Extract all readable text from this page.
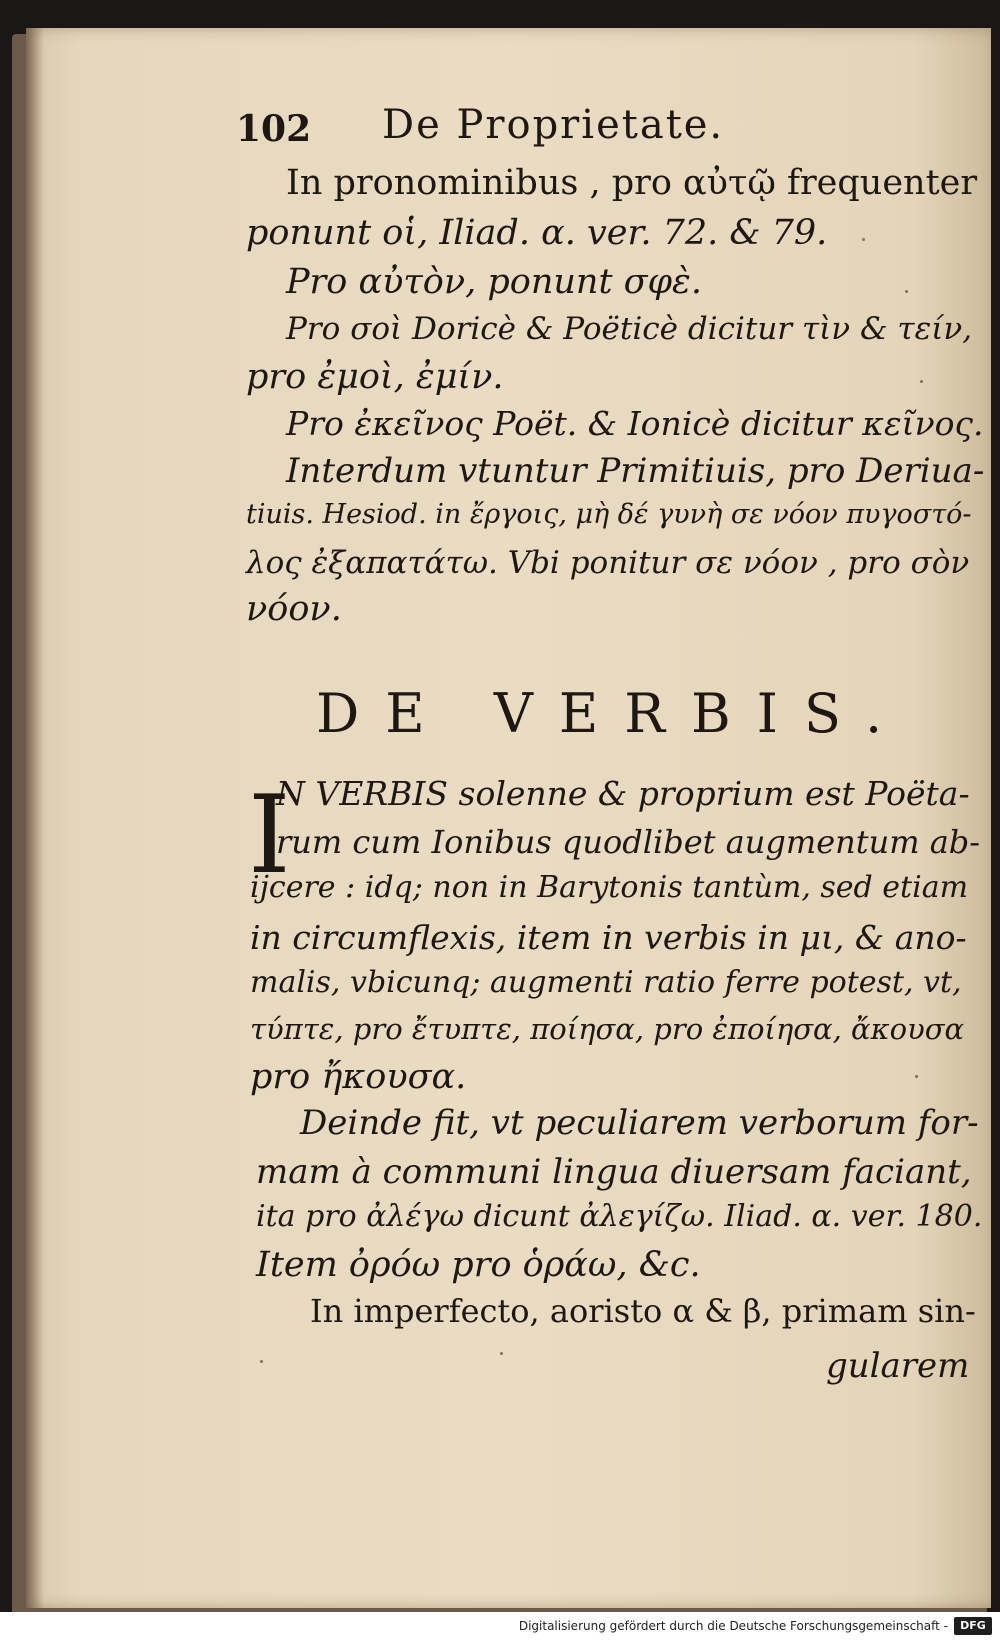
102 De Proprietate.
In pronominibus , pro αὐτῷ frequenter
ponunt οἱ, Iliad. α. ver. 72. & 79.
Pro αὐτὸν, ponunt σφὲ.
Pro σοὶ Doricè & Poëticè dicitur τὶν & τείν,
pro ἐμοὶ, ἐμίν.
Pro ἐκεῖνος Poët. & Ionicè dicitur κεῖνος.
Interdum vtuntur Primitiuis, pro Deriua-
tiuis. Hesiod. in ἔργοις, μὴ δέ γυνὴ σε νόον πυγοστό-
λος ἐξαπατάτω. Vbi ponitur σε νόον , pro σὸν
νόον.
DE VERBIS.
I
N VERBIS solenne & proprium est Poëta-
rum cum Ionibus quodlibet augmentum ab-
ijcere : idq; non in Barytonis tantùm, sed etiam
in circumflexis, item in verbis in μι, & ano-
malis, vbicunq; augmenti ratio ferre potest, vt,
τύπτε, pro ἔτυπτε, ποίησα, pro ἐποίησα, ἄκουσα
pro ἤκουσα.
Deinde fit, vt peculiarem verborum for-
mam à communi lingua diuersam faciant,
ita pro ἀλέγω dicunt ἀλεγίζω. Iliad. α. ver. 180.
Item ὀρόω pro ὁράω, &c.
In imperfecto, aoristo α & β, primam sin-
gularem
Digitalisierung gefördert durch die Deutsche Forschungsgemeinschaft -	DFG
